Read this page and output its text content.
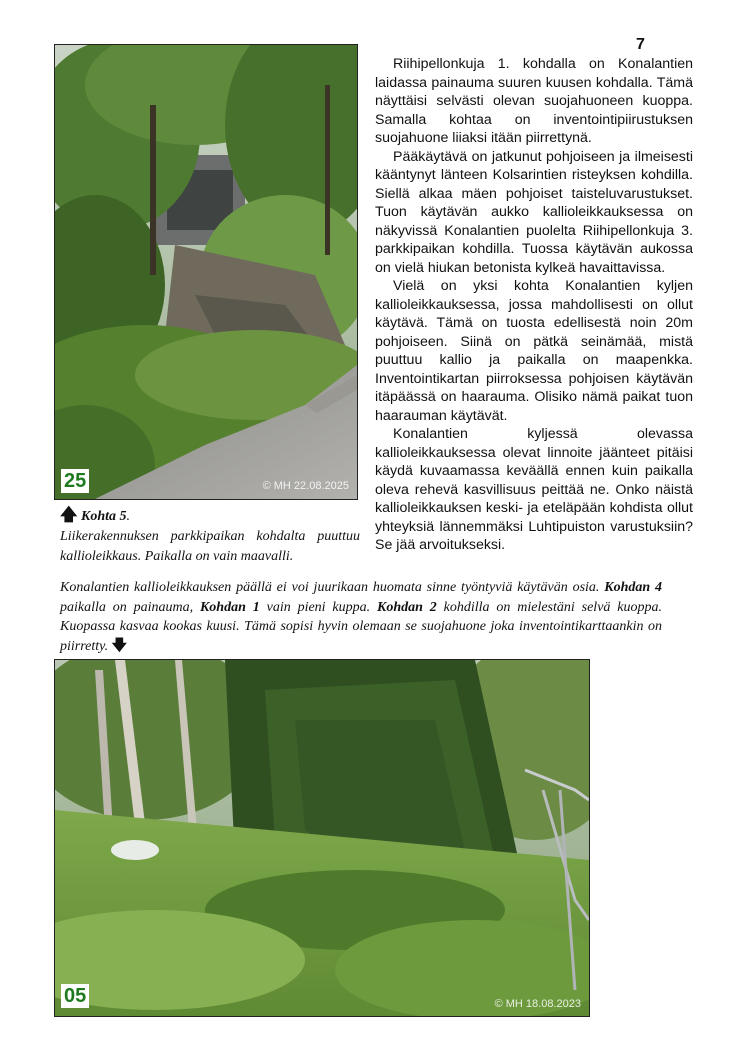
7
25	© MH 22.08.2025

Riihipellonkuja 1. kohdalla on Konalantien laidassa painauma suuren kuusen kohdalla. Tämä näyttäisi selvästi olevan suojahuoneen kuoppa. Samalla kohtaa on inventointipiirustuksen suojahuone liiaksi itään piirrettynä.

Pääkäytävä on jatkunut pohjoiseen ja ilmeisesti kääntynyt länteen Kolsarintien risteyksen kohdilla. Siellä alkaa mäen pohjoiset taisteluvarustukset. Tuon käytävän aukko kallioleikkauksessa on näkyvissä Konalantien puolelta Riihipellonkuja 3. parkkipaikan kohdilla. Tuossa käytävän aukossa on vielä hiukan betonista kylkeä havaittavissa.

Vielä on yksi kohta Konalantien kyljen kallioleikkauksessa, jossa mahdollisesti on ollut käytävä. Tämä on tuosta edellisestä noin 20m pohjoiseen. Siinä on pätkä seinämää, mistä puuttuu kallio ja paikalla on maapenkka. Inventointikartan piirroksessa pohjoisen käytävän itäpäässä on haarauma. Olisiko nämä paikat tuon haarauman käytävät.

Konalantien kyljessä olevassa kallioleikkauksessa olevat linnoite jäänteet pitäisi käydä kuvaamassa keväällä ennen kuin paikalla oleva rehevä kasvillisuus peittää ne. Onko näistä kallioleikkauksen keski- ja eteläpään kohdista ollut yhteyksiä lännemmäksi Luhtipuiston varustuksiin? Se jää arvoitukseksi.

🡅 Kohta 5.
Liikerakennuksen parkkipaikan kohdalta puuttuu kallioleikkaus. Paikalla on vain maavalli.
Konalantien kallioleikkauksen päällä ei voi juurikaan huomata sinne työntyviä käytävän osia. Kohdan 4 paikalla on painauma, Kohdan 1 vain pieni kuppa. Kohdan 2 kohdilla on mielestäni selvä kuoppa. Kuopassa kasvaa kookas kuusi. Tämä sopisi hyvin olemaan se suojahuone joka inventointikarttaankin on piirretty. 🡇
05	© MH 18.08.2023
